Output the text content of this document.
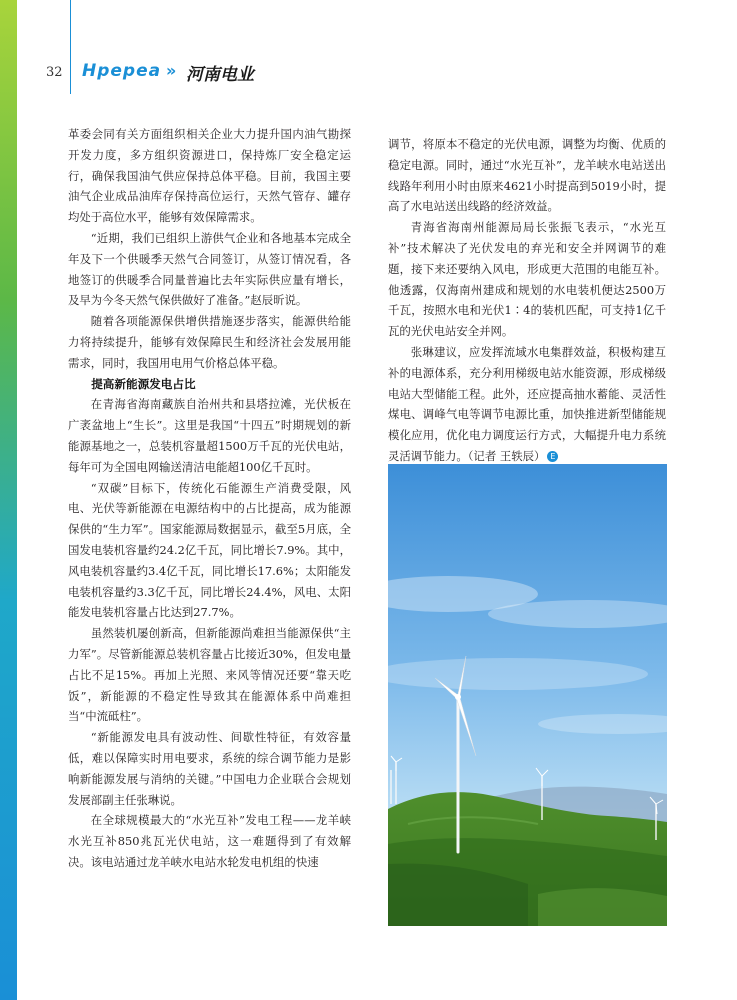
32 Hpepea » 河南电业

革委会同有关方面组织相关企业大力提升国内油气勘探开发力度，多方组织资源进口，保持炼厂安全稳定运行，确保我国油气供应保持总体平稳。目前，我国主要油气企业成品油库存保持高位运行，天然气管存、罐存均处于高位水平，能够有效保障需求。

“近期，我们已组织上游供气企业和各地基本完成全年及下一个供暖季天然气合同签订，从签订情况看，各地签订的供暖季合同量普遍比去年实际供应量有增长，及早为今冬天然气保供做好了准备。”赵辰昕说。

随着各项能源保供增供措施逐步落实，能源供给能力将持续提升，能够有效保障民生和经济社会发展用能需求，同时，我国用电用气价格总体平稳。

提高新能源发电占比

在青海省海南藏族自治州共和县塔拉滩，光伏板在广袤盆地上“生长”。这里是我国“十四五”时期规划的新能源基地之一，总装机容量超1500万千瓦的光伏电站，每年可为全国电网输送清洁电能超100亿千瓦时。

“双碳”目标下，传统化石能源生产消费受限，风电、光伏等新能源在电源结构中的占比提高，成为能源保供的“生力军”。国家能源局数据显示，截至5月底，全国发电装机容量约24.2亿千瓦，同比增长7.9%。其中，风电装机容量约3.4亿千瓦，同比增长17.6%；太阳能发电装机容量约3.3亿千瓦，同比增长24.4%，风电、太阳能发电装机容量占比达到27.7%。

虽然装机屡创新高，但新能源尚难担当能源保供“主力军”。尽管新能源总装机容量占比接近30%，但发电量占比不足15%。再加上光照、来风等情况还要“靠天吃饭”，新能源的不稳定性导致其在能源体系中尚难担当“中流砥柱”。

“新能源发电具有波动性、间歇性特征，有效容量低，难以保障实时用电要求，系统的综合调节能力是影响新能源发展与消纳的关键。”中国电力企业联合会规划发展部副主任张琳说。

在全球规模最大的“水光互补”发电工程——龙羊峡水光互补850兆瓦光伏电站，这一难题得到了有效解决。该电站通过龙羊峡水电站水轮发电机组的快速

调节，将原本不稳定的光伏电源，调整为均衡、优质的稳定电源。同时，通过“水光互补”，龙羊峡水电站送出线路年利用小时由原来4621小时提高到5019小时，提高了水电站送出线路的经济效益。

青海省海南州能源局局长张振飞表示，“水光互补”技术解决了光伏发电的弃光和安全并网调节的难题，接下来还要纳入风电，形成更大范围的电能互补。他透露，仅海南州建成和规划的水电装机便达2500万千瓦，按照水电和光伏1∶4的装机匹配，可支持1亿千瓦的光伏电站安全并网。

张琳建议，应发挥流域水电集群效益，积极构建互补的电源体系，充分利用梯级电站水能资源，形成梯级电站大型储能工程。此外，还应提高抽水蓄能、灵活性煤电、调峰气电等调节电源比重，加快推进新型储能规模化应用，优化电力调度运行方式，大幅提升电力系统灵活调节能力。（记者 王轶辰） E
